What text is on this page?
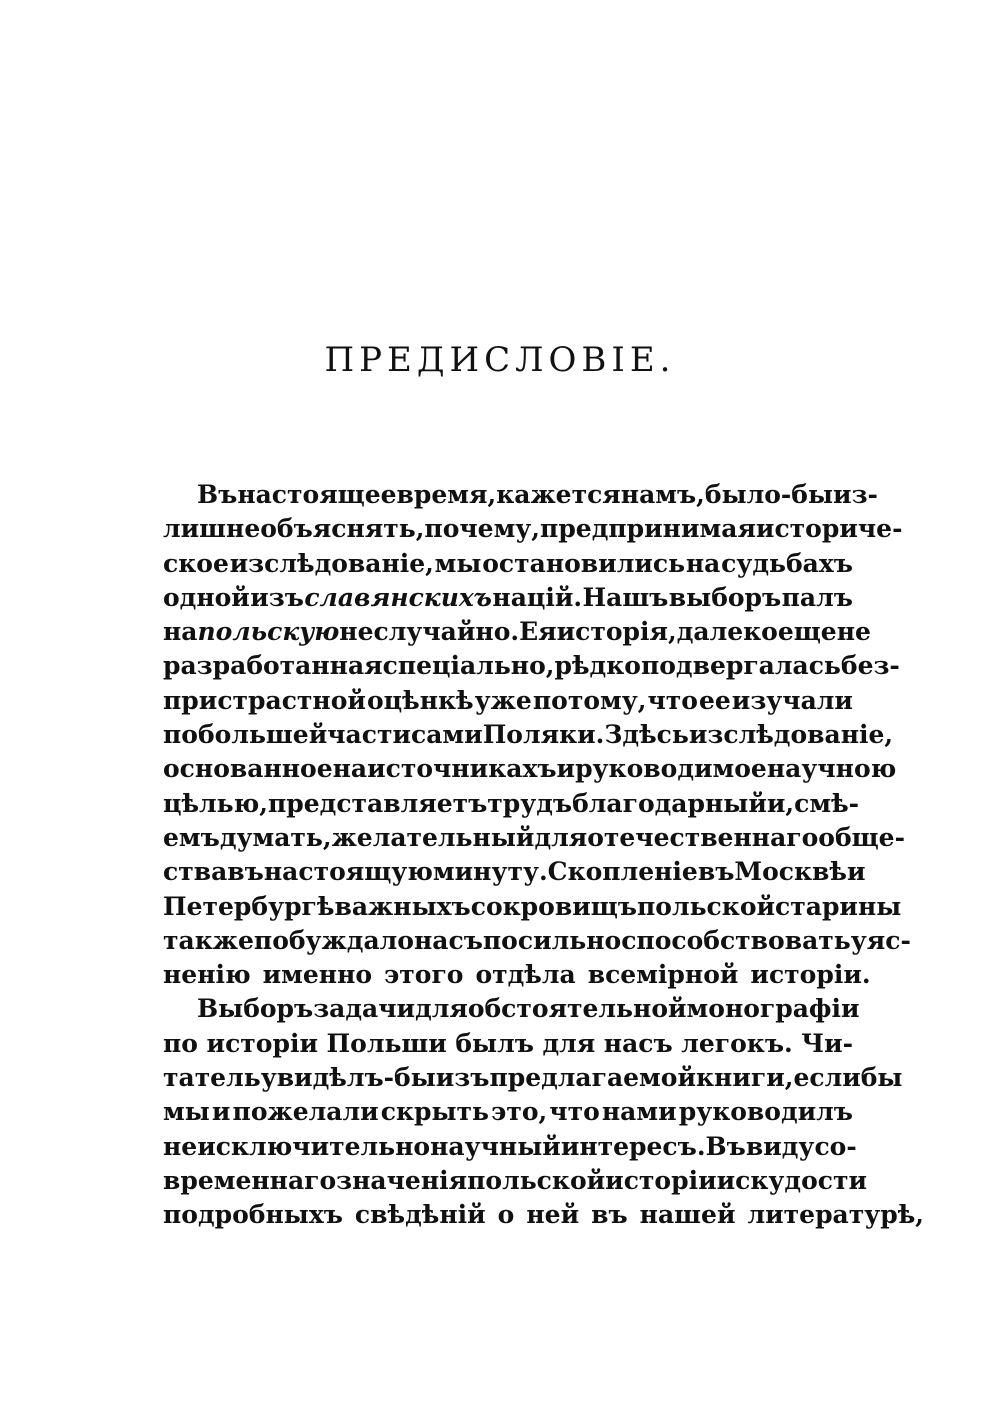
ПРЕДИСЛОВІЕ.
Въ настоящее время, кажется намъ, было-бы из-
лишне объяснять, почему, предпринимая историче-
ское изслѣдованіе, мы остановились на судьбахъ
одной изъ славянскихъ націй. Нашъ выборъ палъ
на польскую не случайно. Ея исторія, далеко еще не
разработанная спеціально, рѣдко подвергалась без-
пристрастной оцѣнкѣ уже потому, что ее изучали
по большей части сами Поляки. Здѣсь изслѣдованіе,
основанное на источникахъ и руководимое научною
цѣлью, представляетъ трудъ благодарный и, смѣ-
емъ думать, желательный для отечественнаго обще-
ства въ настоящую минуту. Скопленіе въ Москвѣ и
Петербургѣ важныхъ сокровищъ польской старины
также побуждало насъ посильно способствовать уяс-
ненію именно этого отдѣла всемірной исторіи.
Выборъ задачи для обстоятельной монографіи
по исторіи Польши былъ для насъ легокъ. Чи-
татель увидѣлъ-бы изъ предлагаемой книги, еслибы
мы и пожелали скрыть это, что нами руководилъ
не исключительно научный интересъ. Въ виду со-
временнаго значенія польской исторіи и скудости
подробныхъ свѣдѣній о ней въ нашей литературѣ,
